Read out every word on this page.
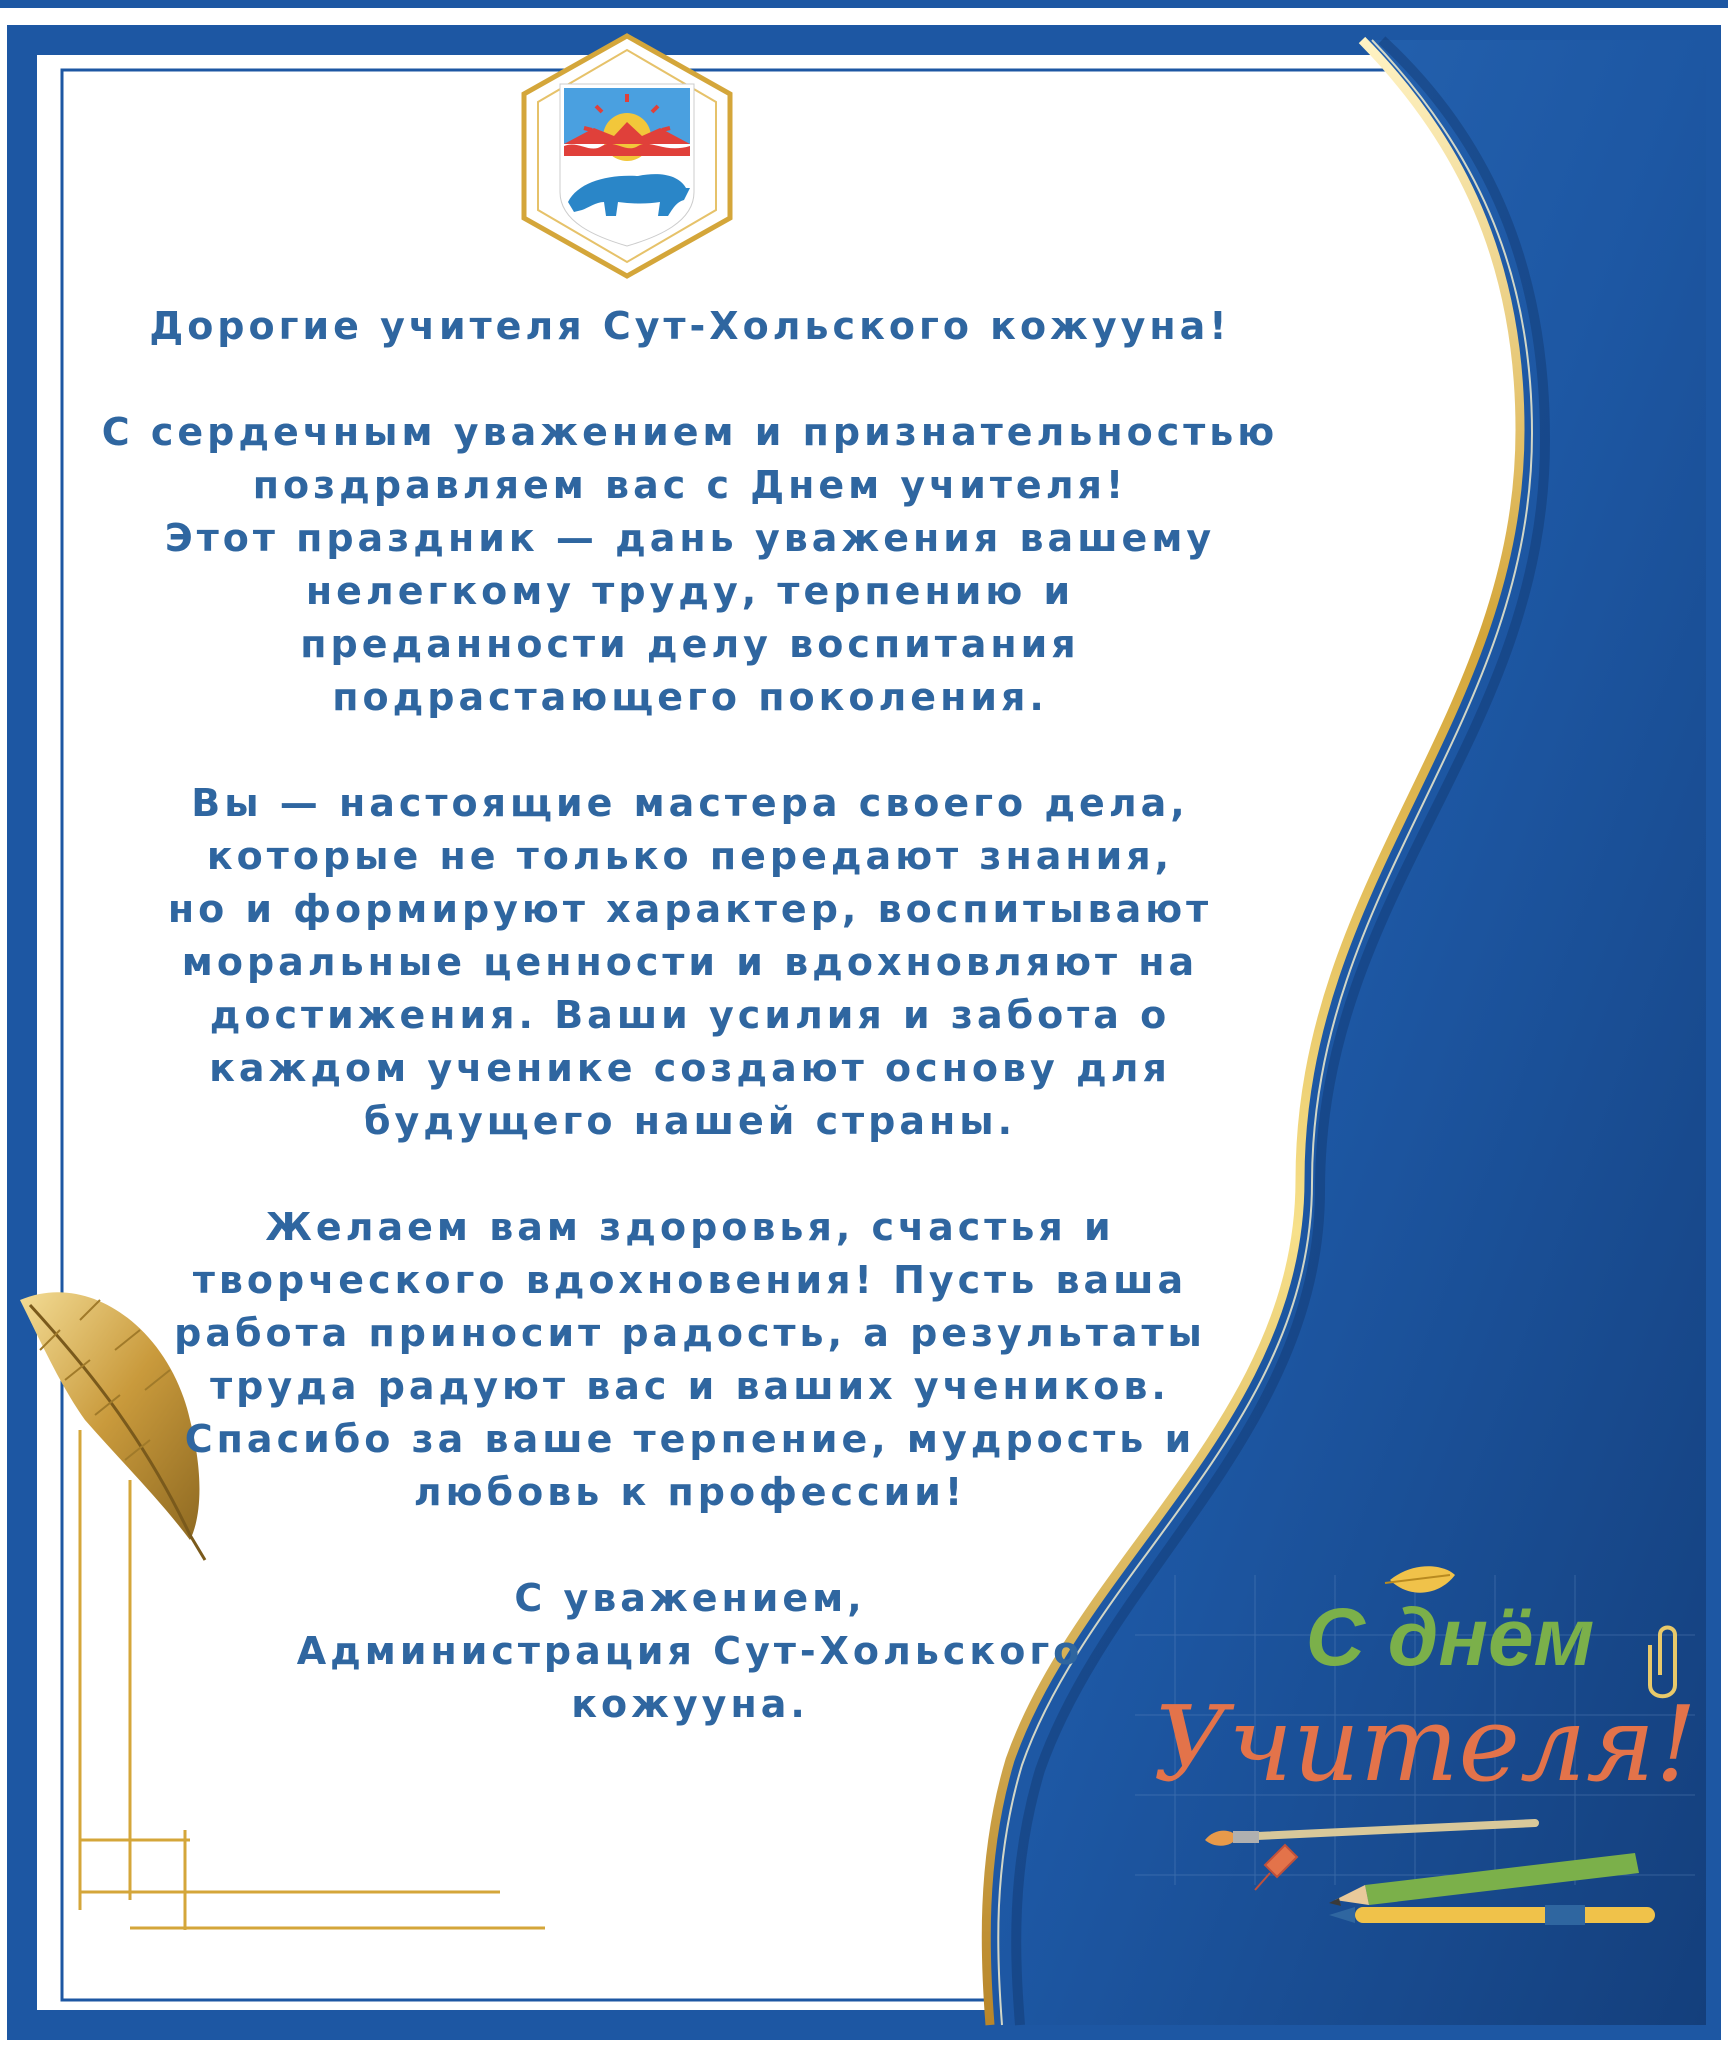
Дорогие учителя Сут-Хольского кожууна!

С сердечным уважением и признательностью

поздравляем вас с Днем учителя!

Этот праздник — дань уважения вашему

нелегкому труду, терпению и

преданности делу воспитания

подрастающего поколения.

Вы — настоящие мастера своего дела,

которые не только передают знания,

но и формируют характер, воспитывают

моральные ценности и вдохновляют на

достижения. Ваши усилия и забота о

каждом ученике создают основу для

будущего нашей страны.

Желаем вам здоровья, счастья и

творческого вдохновения! Пусть ваша

работа приносит радость, а результаты

труда радуют вас и ваших учеников.

Спасибо за ваше терпение, мудрость и

любовь к профессии!

С уважением,

Администрация Сут-Хольского

кожууна.

С днём
Учителя!
